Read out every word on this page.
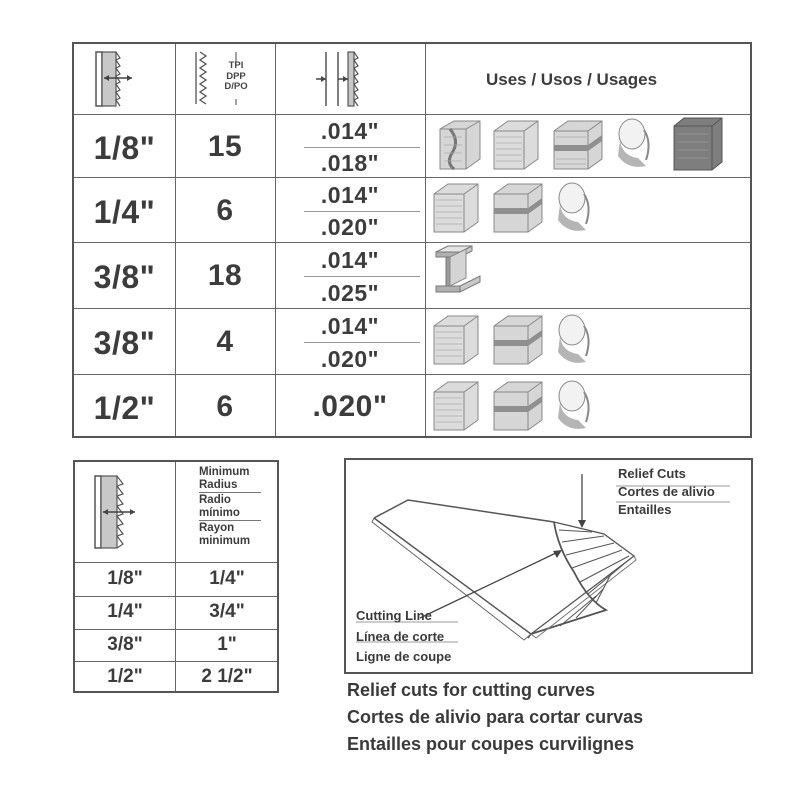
TPI
DPP
D/PO	Uses / Usos / Usages
1/8"	15	.014"
.018"
1/4"	6	.014"
.020"
3/8"	18	.014"
.025"
3/8"	4	.014"
.020"
1/2"	6	.020"
Minimum
Radius
Radio
mínimo
Rayon
minimum
1/8"	1/4"
1/4"	3/4"
3/8"	1"
1/2"	2 1/2"
Relief Cuts
Cortes de alivio
Entailles
Cutting Line
Línea de corte
Ligne de coupe
Relief cuts for cutting curves
Cortes de alivio para cortar curvas
Entailles pour coupes curvilignes
